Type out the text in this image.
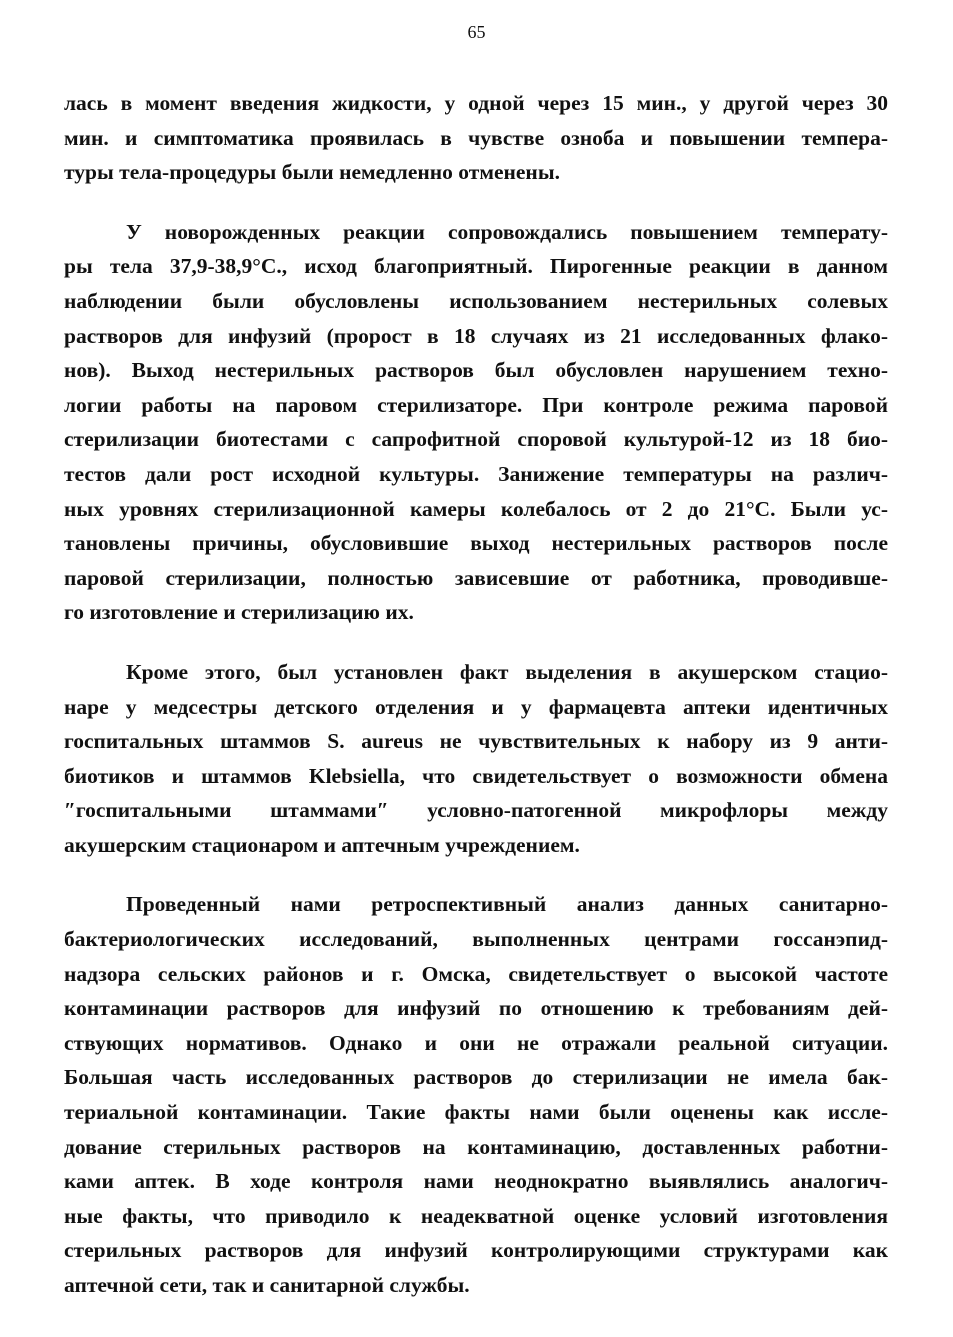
65
лась в момент введения жидкости, у одной через 15 мин., у другой через 30
мин. и симптоматика проявилась в чувстве озноба и повышении темпера-
туры тела-процедуры были немедленно отменены.
У новорожденных реакции сопровождались повышением температу-
ры тела 37,9-38,9°С., исход благоприятный. Пирогенные реакции в данном
наблюдении были обусловлены использованием нестерильных солевых
растворов для инфузий (пророст в 18 случаях из 21 исследованных флако-
нов). Выход нестерильных растворов был обусловлен нарушением техно-
логии работы на паровом стерилизаторе. При контроле режима паровой
стерилизации биотестами с сапрофитной споровой культурой-12 из 18 био-
тестов дали рост исходной культуры. Занижение температуры на различ-
ных уровнях стерилизационной камеры колебалось от 2 до 21°С. Были ус-
тановлены причины, обусловившие выход нестерильных растворов после
паровой стерилизации, полностью зависевшие от работника, проводивше-
го изготовление и стерилизацию их.
Кроме этого, был установлен факт выделения в акушерском стацио-
наре у медсестры детского отделения и у фармацевта аптеки идентичных
госпитальных штаммов S. aureus не чувствительных к набору из 9 анти-
биотиков и штаммов Klebsiella, что свидетельствует о возможности обмена
″госпитальными штаммами″ условно-патогенной микрофлоры между
акушерским стационаром и аптечным учреждением.
Проведенный нами ретроспективный анализ данных санитарно-
бактериологических исследований, выполненных центрами госсанэпид-
надзора сельских районов и г. Омска, свидетельствует о высокой частоте
контаминации растворов для инфузий по отношению к требованиям дей-
ствующих нормативов. Однако и они не отражали реальной ситуации.
Большая часть исследованных растворов до стерилизации не имела бак-
териальной контаминации. Такие факты нами были оценены как иссле-
дование стерильных растворов на контаминацию, доставленных работни-
ками аптек. В ходе контроля нами неоднократно выявлялись аналогич-
ные факты, что приводило к неадекватной оценке условий изготовления
стерильных растворов для инфузий контролирующими структурами как
аптечной сети, так и санитарной службы.
